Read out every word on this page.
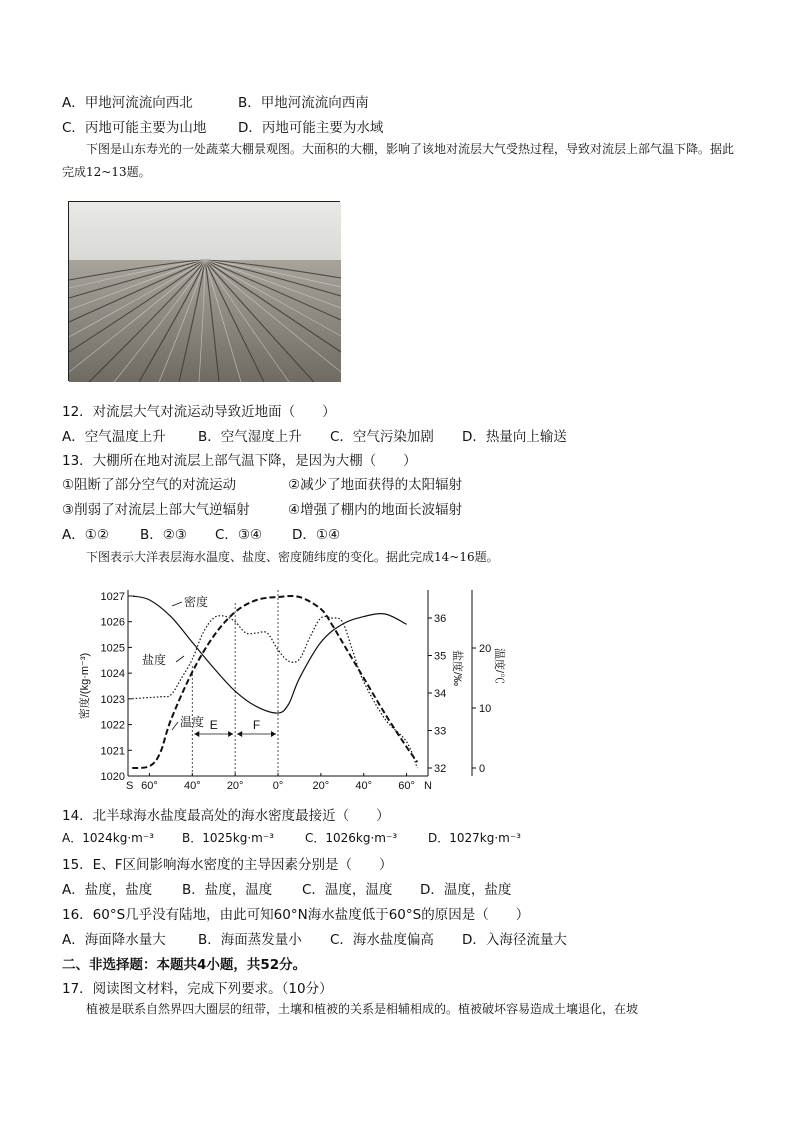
A．甲地河流流向西北	B．甲地河流流向西南
C．丙地可能主要为山地 D．丙地可能主要为水域
下图是山东寿光的一处蔬菜大棚景观图。大面积的大棚，影响了该地对流层大气受热过程，导致对流层上部气温下降。据此完成12~13题。
12．对流层大气对流运动导致近地面（　　）
A．空气温度上升 B．空气湿度上升 C．空气污染加剧 D．热量向上输送
13．大棚所在地对流层上部气温下降，是因为大棚（　　）
①阻断了部分空气的对流运动	②减少了地面获得的太阳辐射
③削弱了对流层上部大气逆辐射	④增强了棚内的地面长波辐射
A．①② B．②③ C．③④ D．①④
下图表示大洋表层海水温度、盐度、密度随纬度的变化。据此完成14~16题。
E	F
1020
1021
1022
1023
1024
1025
1026
1027
32
33
34
35
36
0
10
20
S 60° 40° 20°	0°	20° 40° 60° N
密度
盐度
温度
密度/(kg·m⁻³)	盐度/‰	温度/℃
14．北半球海水盐度最高处的海水密度最接近（　　）
A．1024kg·m⁻³ B．1025kg·m⁻³	C．1026kg·m⁻³	D．1027kg·m⁻³
15．E、F区间影响海水密度的主导因素分别是（　　）
A．盐度，盐度 B．盐度，温度 C．温度，温度 D．温度，盐度
16．60°S几乎没有陆地，由此可知60°N海水盐度低于60°S的原因是（　　）
A．海面降水量大 B．海面蒸发量小 C．海水盐度偏高 D．入海径流量大
二、非选择题：本题共4小题，共52分。
17．阅读图文材料，完成下列要求。（10分）
植被是联系自然界四大圈层的纽带，土壤和植被的关系是相辅相成的。植被破坏容易造成土壤退化，在坡
